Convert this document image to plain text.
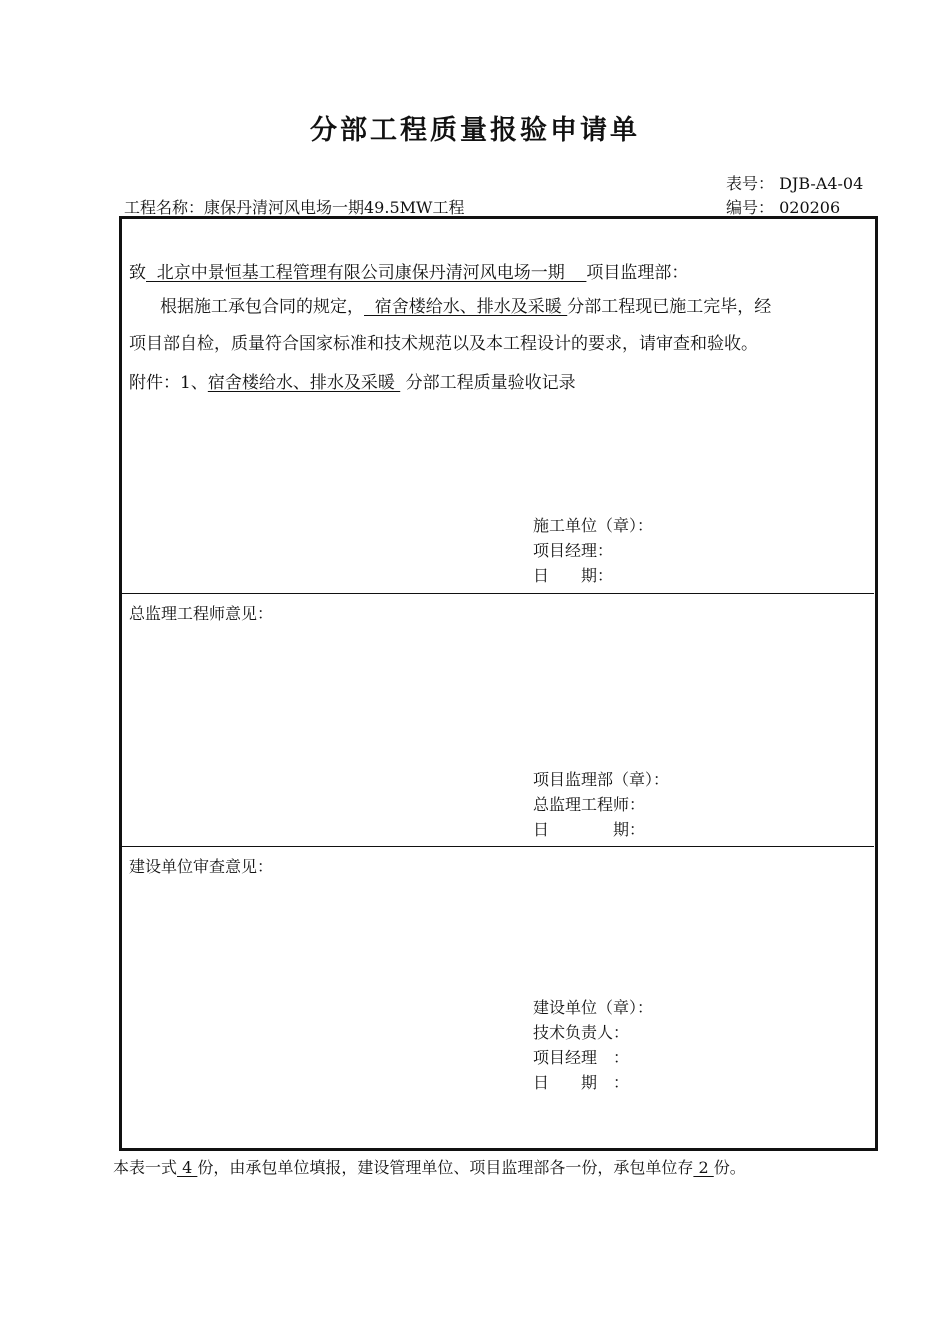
分部工程质量报验申请单
表号： DJB-A4-04
工程名称：康保丹清河风电场一期49.5MW工程	编号： 020206
致  北京中景恒基工程管理有限公司康保丹清河风电场一期    项目监理部：
根据施工承包合同的规定，  宿舍楼给水、排水及采暖 分部工程现已施工完毕，经
项目部自检，质量符合国家标准和技术规范以及本工程设计的要求，请审查和验收。
附件：1、宿舍楼给水、排水及采暖  分部工程质量验收记录
施工单位（章）：
项目经理：
日　　期：
总监理工程师意见：
项目监理部（章）：
总监理工程师：
日　　　　期：
建设单位审查意见：
建设单位（章）：
技术负责人：
项目经理　：
日　　期　：
本表一式 4 份，由承包单位填报，建设管理单位、项目监理部各一份，承包单位存 2 份。
